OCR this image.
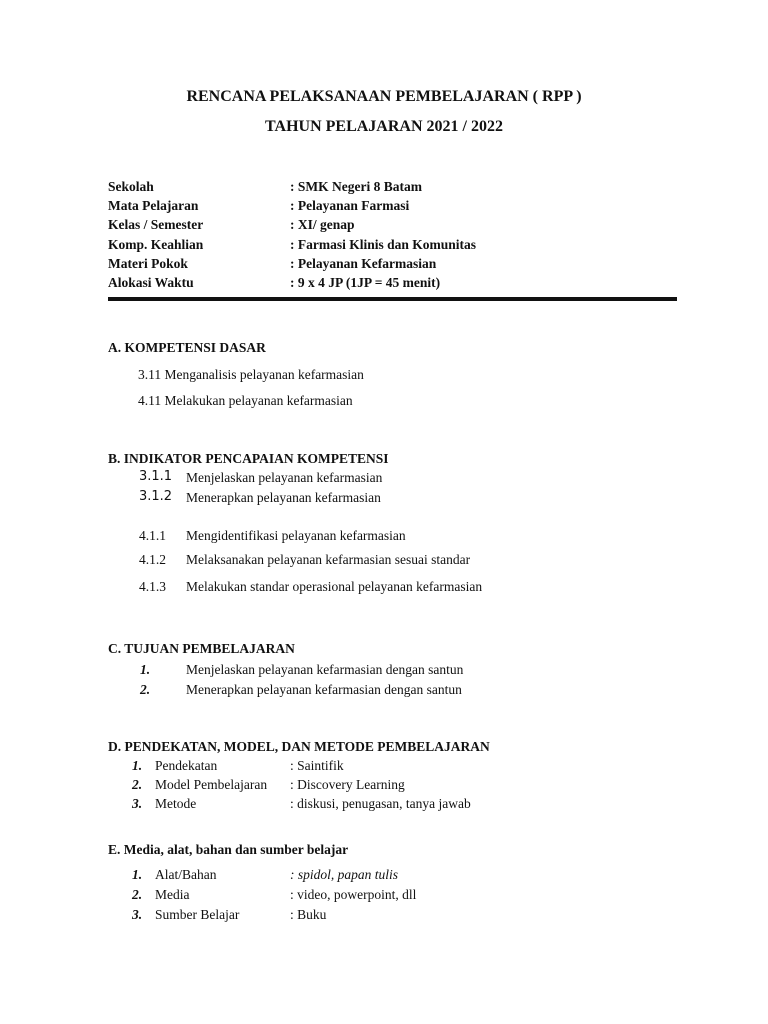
RENCANA PELAKSANAAN PEMBELAJARAN ( RPP )
TAHUN PELAJARAN 2021 / 2022
Sekolah	: SMK Negeri 8 Batam
Mata Pelajaran	: Pelayanan Farmasi
Kelas / Semester	: XI/ genap
Komp. Keahlian	: Farmasi Klinis dan Komunitas
Materi Pokok	: Pelayanan Kefarmasian
Alokasi Waktu	: 9 x 4 JP (1JP = 45 menit)
A. KOMPETENSI DASAR
3.11 Menganalisis pelayanan kefarmasian
4.11 Melakukan pelayanan kefarmasian
B. INDIKATOR PENCAPAIAN KOMPETENSI
3.1.1 Menjelaskan pelayanan kefarmasian
3.1.2 Menerapkan pelayanan kefarmasian
4.1.1 Mengidentifikasi pelayanan kefarmasian
4.1.2 Melaksanakan pelayanan kefarmasian sesuai standar
4.1.3 Melakukan standar operasional pelayanan kefarmasian
C. TUJUAN PEMBELAJARAN
1.	Menjelaskan pelayanan kefarmasian dengan santun
2.	Menerapkan pelayanan kefarmasian dengan santun
D. PENDEKATAN, MODEL, DAN METODE PEMBELAJARAN
1. Pendekatan	: Saintifik
2. Model Pembelajaran : Discovery Learning
3. Metode	: diskusi, penugasan, tanya jawab
E. Media, alat, bahan dan sumber belajar
1. Alat/Bahan	: spidol, papan tulis
2. Media	: video, powerpoint, dll
3. Sumber Belajar	: Buku
